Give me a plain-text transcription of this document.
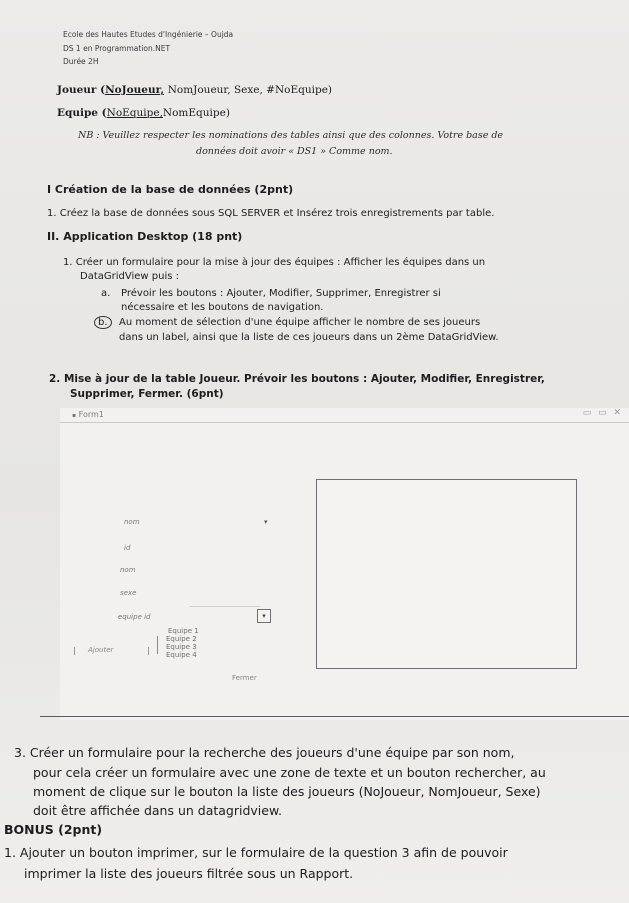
Ecole des Hautes Etudes d'Ingénierie – Oujda
DS 1 en Programmation.NET
Durée 2H
Joueur (NoJoueur, NomJoueur, Sexe, #NoEquipe)
Equipe (NoEquipe,NomEquipe)
NB : Veuillez respecter les nominations des tables ainsi que des colonnes. Votre base de
données doit avoir « DS1 » Comme nom.
I Création de la base de données (2pnt)
1. Créez la base de données sous SQL SERVER et Insérez trois enregistrements par table.
II. Application Desktop (18 pnt)
1. Créer un formulaire pour la mise à jour des équipes : Afficher les équipes dans un
DataGridView puis :
a. Prévoir les boutons : Ajouter, Modifier, Supprimer, Enregistrer si
nécessaire et les boutons de navigation.
b.	Au moment de sélection d'une équipe afficher le nombre de ses joueurs
dans un label, ainsi que la liste de ces joueurs dans un 2ème DataGridView.
2. Mise à jour de la table Joueur. Prévoir les boutons : Ajouter, Modifier, Enregistrer,
Supprimer, Fermer. (6pnt)
▪ Form1	▭ ▭ ✕
nom	▾
id
nom
sexe
equipe id	▾
Equipe 1
Equipe 2
Equipe 3
Equipe 4
Ajouter
Fermer
3. Créer un formulaire pour la recherche des joueurs d'une équipe par son nom,
pour cela créer un formulaire avec une zone de texte et un bouton rechercher, au
moment de clique sur le bouton la liste des joueurs (NoJoueur, NomJoueur, Sexe)
doit être affichée dans un datagridview.
BONUS (2pnt)
1. Ajouter un bouton imprimer, sur le formulaire de la question 3 afin de pouvoir
imprimer la liste des joueurs filtrée sous un Rapport.
